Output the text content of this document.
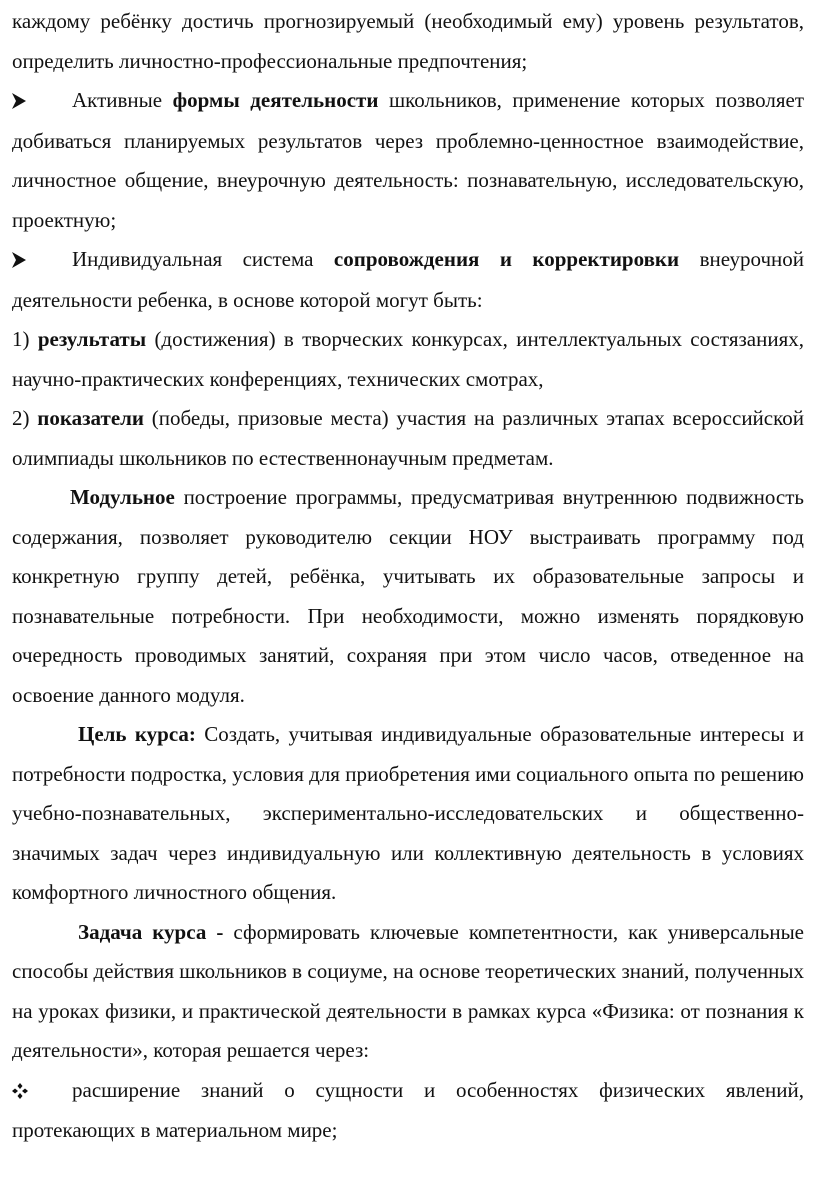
каждому ребёнку достичь прогнозируемый (необходимый ему) уровень результатов, определить личностно-профессиональные предпочтения;

Активные формы деятельности школьников, применение которых позволяет добиваться планируемых результатов через проблемно-ценностное взаимодействие, личностное общение, внеурочную деятельность: познавательную, исследовательскую, проектную;

Индивидуальная система сопровождения и корректировки внеурочной деятельности ребенка, в основе которой могут быть:

1) результаты (достижения) в творческих конкурсах, интеллектуальных состязаниях, научно-практических конференциях, технических смотрах,

2) показатели (победы, призовые места) участия на различных этапах всероссийской олимпиады школьников по естественнонаучным предметам.

Модульное построение программы, предусматривая внутреннюю подвижность содержания, позволяет руководителю секции НОУ выстраивать программу под конкретную группу детей, ребёнка, учитывать их образовательные запросы и познавательные потребности. При необходимости, можно изменять порядковую очередность проводимых занятий, сохраняя при этом число часов, отведенное на освоение данного модуля.

Цель курса: Создать, учитывая индивидуальные образовательные интересы и потребности подростка, условия для приобретения ими социального опыта по решению учебно-познавательных, экспериментально-исследовательских и общественно-значимых задач через индивидуальную или коллективную деятельность в условиях комфортного личностного общения.

Задача курса - сформировать ключевые компетентности, как универсальные способы действия школьников в социуме, на основе теоретических знаний, полученных на уроках физики, и практической деятельности в рамках курса «Физика: от познания к деятельности», которая решается через:

расширение знаний о сущности и особенностях физических явлений, протекающих в материальном мире;
